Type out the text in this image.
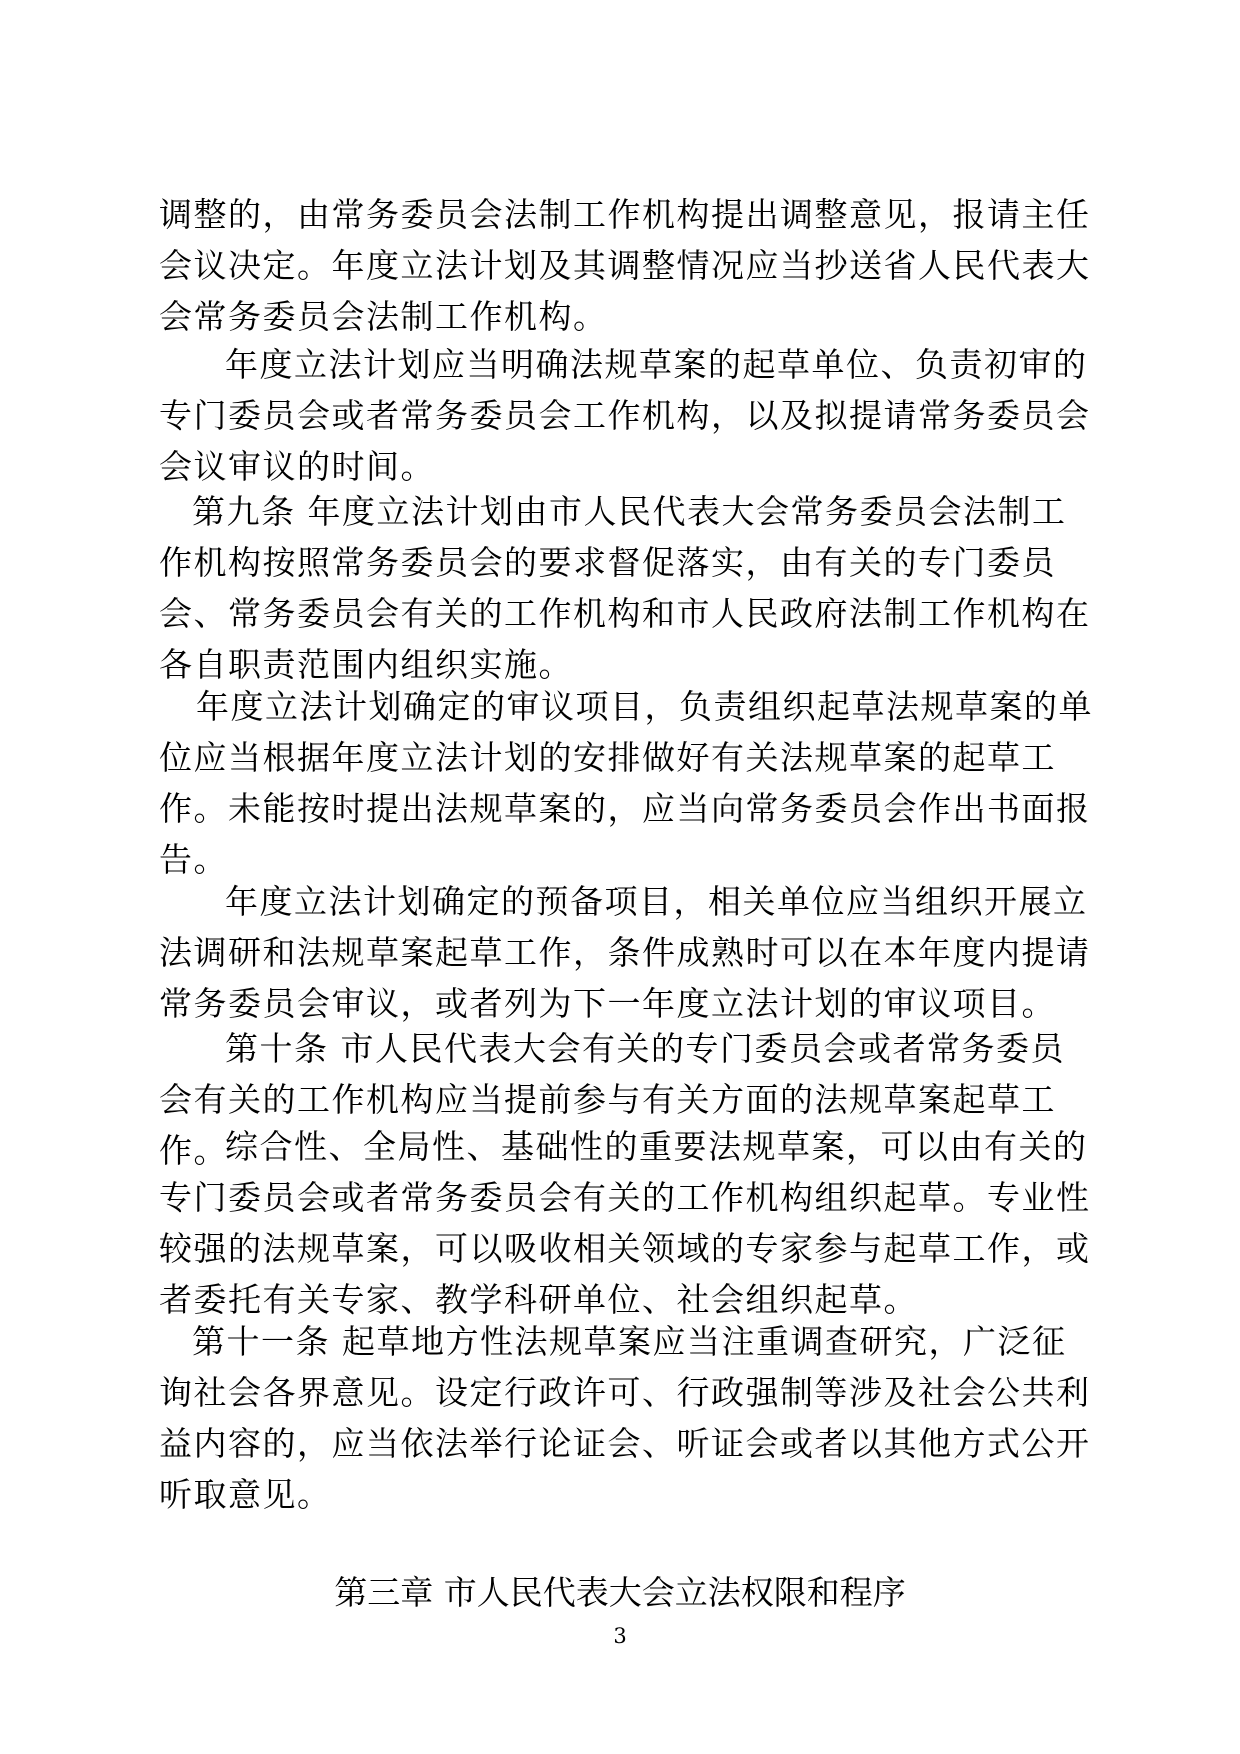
调整的，由常务委员会法制工作机构提出调整意见，报请主任会议决定。年度立法计划及其调整情况应当抄送省人民代表大会常务委员会法制工作机构。

年度立法计划应当明确法规草案的起草单位、负责初审的专门委员会或者常务委员会工作机构，以及拟提请常务委员会会议审议的时间。

第九条 年度立法计划由市人民代表大会常务委员会法制工作机构按照常务委员会的要求督促落实，由有关的专门委员会、常务委员会有关的工作机构和市人民政府法制工作机构在各自职责范围内组织实施。

年度立法计划确定的审议项目，负责组织起草法规草案的单位应当根据年度立法计划的安排做好有关法规草案的起草工作。未能按时提出法规草案的，应当向常务委员会作出书面报告。

年度立法计划确定的预备项目，相关单位应当组织开展立法调研和法规草案起草工作，条件成熟时可以在本年度内提请常务委员会审议，或者列为下一年度立法计划的审议项目。

第十条 市人民代表大会有关的专门委员会或者常务委员会有关的工作机构应当提前参与有关方面的法规草案起草工作。

综合性、全局性、基础性的重要法规草案，可以由有关的专门委员会或者常务委员会有关的工作机构组织起草。专业性较强的法规草案，可以吸收相关领域的专家参与起草工作，或者委托有关专家、教学科研单位、社会组织起草。

第十一条 起草地方性法规草案应当注重调查研究，广泛征询社会各界意见。设定行政许可、行政强制等涉及社会公共利益内容的，应当依法举行论证会、听证会或者以其他方式公开听取意见。

第三章 市人民代表大会立法权限和程序

3
